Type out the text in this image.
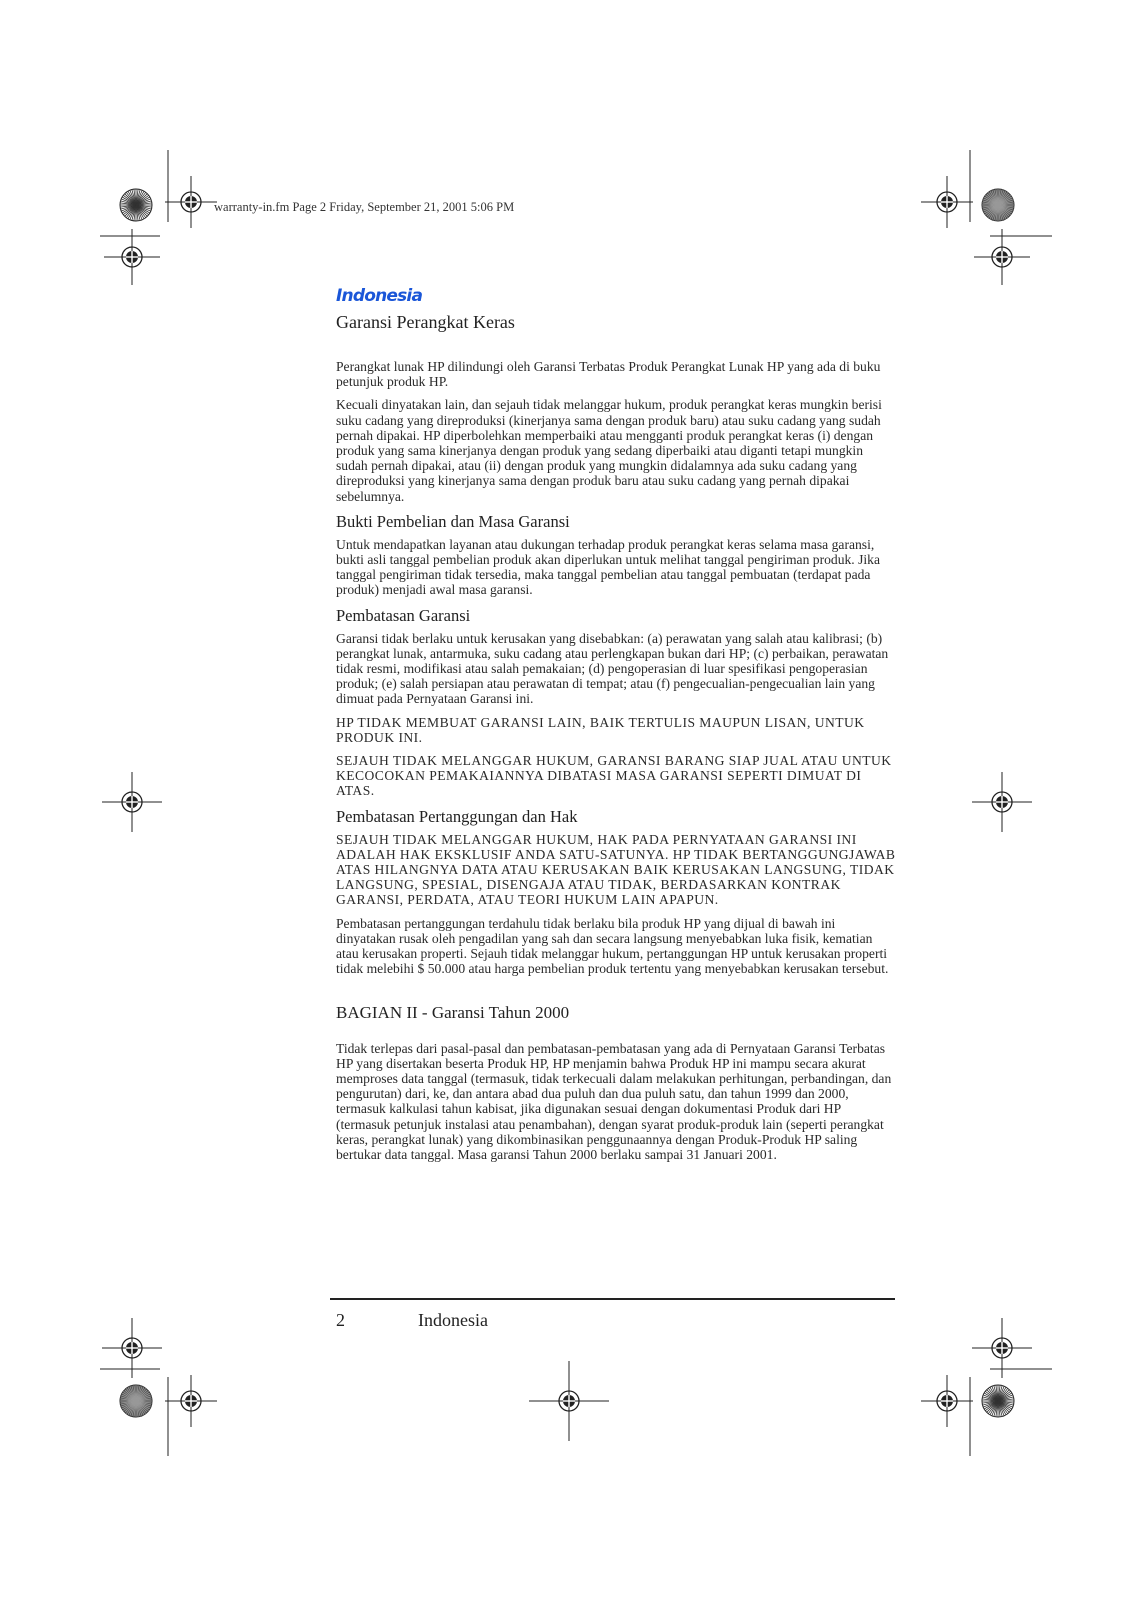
warranty-in.fm Page 2 Friday, September 21, 2001 5:06 PM
Indonesia
Garansi Perangkat Keras

Perangkat lunak HP dilindungi oleh Garansi Terbatas Produk Perangkat Lunak HP yang ada di buku petunjuk produk HP.

Kecuali dinyatakan lain, dan sejauh tidak melanggar hukum, produk perangkat keras mungkin berisi suku cadang yang direproduksi (kinerjanya sama dengan produk baru) atau suku cadang yang sudah pernah dipakai. HP diperbolehkan memperbaiki atau mengganti produk perangkat keras (i) dengan produk yang sama kinerjanya dengan produk yang sedang diperbaiki atau diganti tetapi mungkin sudah pernah dipakai, atau (ii) dengan produk yang mungkin didalamnya ada suku cadang yang direproduksi yang kinerjanya sama dengan produk baru atau suku cadang yang pernah dipakai sebelumnya.

Bukti Pembelian dan Masa Garansi

Untuk mendapatkan layanan atau dukungan terhadap produk perangkat keras selama masa garansi, bukti asli tanggal pembelian produk akan diperlukan untuk melihat tanggal pengiriman produk. Jika tanggal pengiriman tidak tersedia, maka tanggal pembelian atau tanggal pembuatan (terdapat pada produk) menjadi awal masa garansi.

Pembatasan Garansi

Garansi tidak berlaku untuk kerusakan yang disebabkan: (a) perawatan yang salah atau kalibrasi; (b) perangkat lunak, antarmuka, suku cadang atau perlengkapan bukan dari HP; (c) perbaikan, perawatan tidak resmi, modifikasi atau salah pemakaian; (d) pengoperasian di luar spesifikasi pengoperasian produk; (e) salah persiapan atau perawatan di tempat; atau (f) pengecualian-pengecualian lain yang dimuat pada Pernyataan Garansi ini.

HP TIDAK MEMBUAT GARANSI LAIN, BAIK TERTULIS MAUPUN LISAN, UNTUK PRODUK INI.

SEJAUH TIDAK MELANGGAR HUKUM, GARANSI BARANG SIAP JUAL ATAU UNTUK KECOCOKAN PEMAKAIANNYA DIBATASI MASA GARANSI SEPERTI DIMUAT DI ATAS.

Pembatasan Pertanggungan dan Hak

SEJAUH TIDAK MELANGGAR HUKUM, HAK PADA PERNYATAAN GARANSI INI ADALAH HAK EKSKLUSIF ANDA SATU-SATUNYA. HP TIDAK BERTANGGUNGJAWAB ATAS HILANGNYA DATA ATAU KERUSAKAN BAIK KERUSAKAN LANGSUNG, TIDAK LANGSUNG, SPESIAL, DISENGAJA ATAU TIDAK, BERDASARKAN KONTRAK GARANSI, PERDATA, ATAU TEORI HUKUM LAIN APAPUN.

Pembatasan pertanggungan terdahulu tidak berlaku bila produk HP yang dijual di bawah ini dinyatakan rusak oleh pengadilan yang sah dan secara langsung menyebabkan luka fisik, kematian atau kerusakan properti. Sejauh tidak melanggar hukum, pertanggungan HP untuk kerusakan properti tidak melebihi $ 50.000 atau harga pembelian produk tertentu yang menyebabkan kerusakan tersebut.

BAGIAN II - Garansi Tahun 2000

Tidak terlepas dari pasal-pasal dan pembatasan-pembatasan yang ada di Pernyataan Garansi Terbatas HP yang disertakan beserta Produk HP, HP menjamin bahwa Produk HP ini mampu secara akurat memproses data tanggal (termasuk, tidak terkecuali dalam melakukan perhitungan, perbandingan, dan pengurutan) dari, ke, dan antara abad dua puluh dan dua puluh satu, dan tahun 1999 dan 2000, termasuk kalkulasi tahun kabisat, jika digunakan sesuai dengan dokumentasi Produk dari HP (termasuk petunjuk instalasi atau penambahan), dengan syarat produk-produk lain (seperti perangkat keras, perangkat lunak) yang dikombinasikan penggunaannya dengan Produk-Produk HP saling bertukar data tanggal. Masa garansi Tahun 2000 berlaku sampai 31 Januari 2001.

2	Indonesia
